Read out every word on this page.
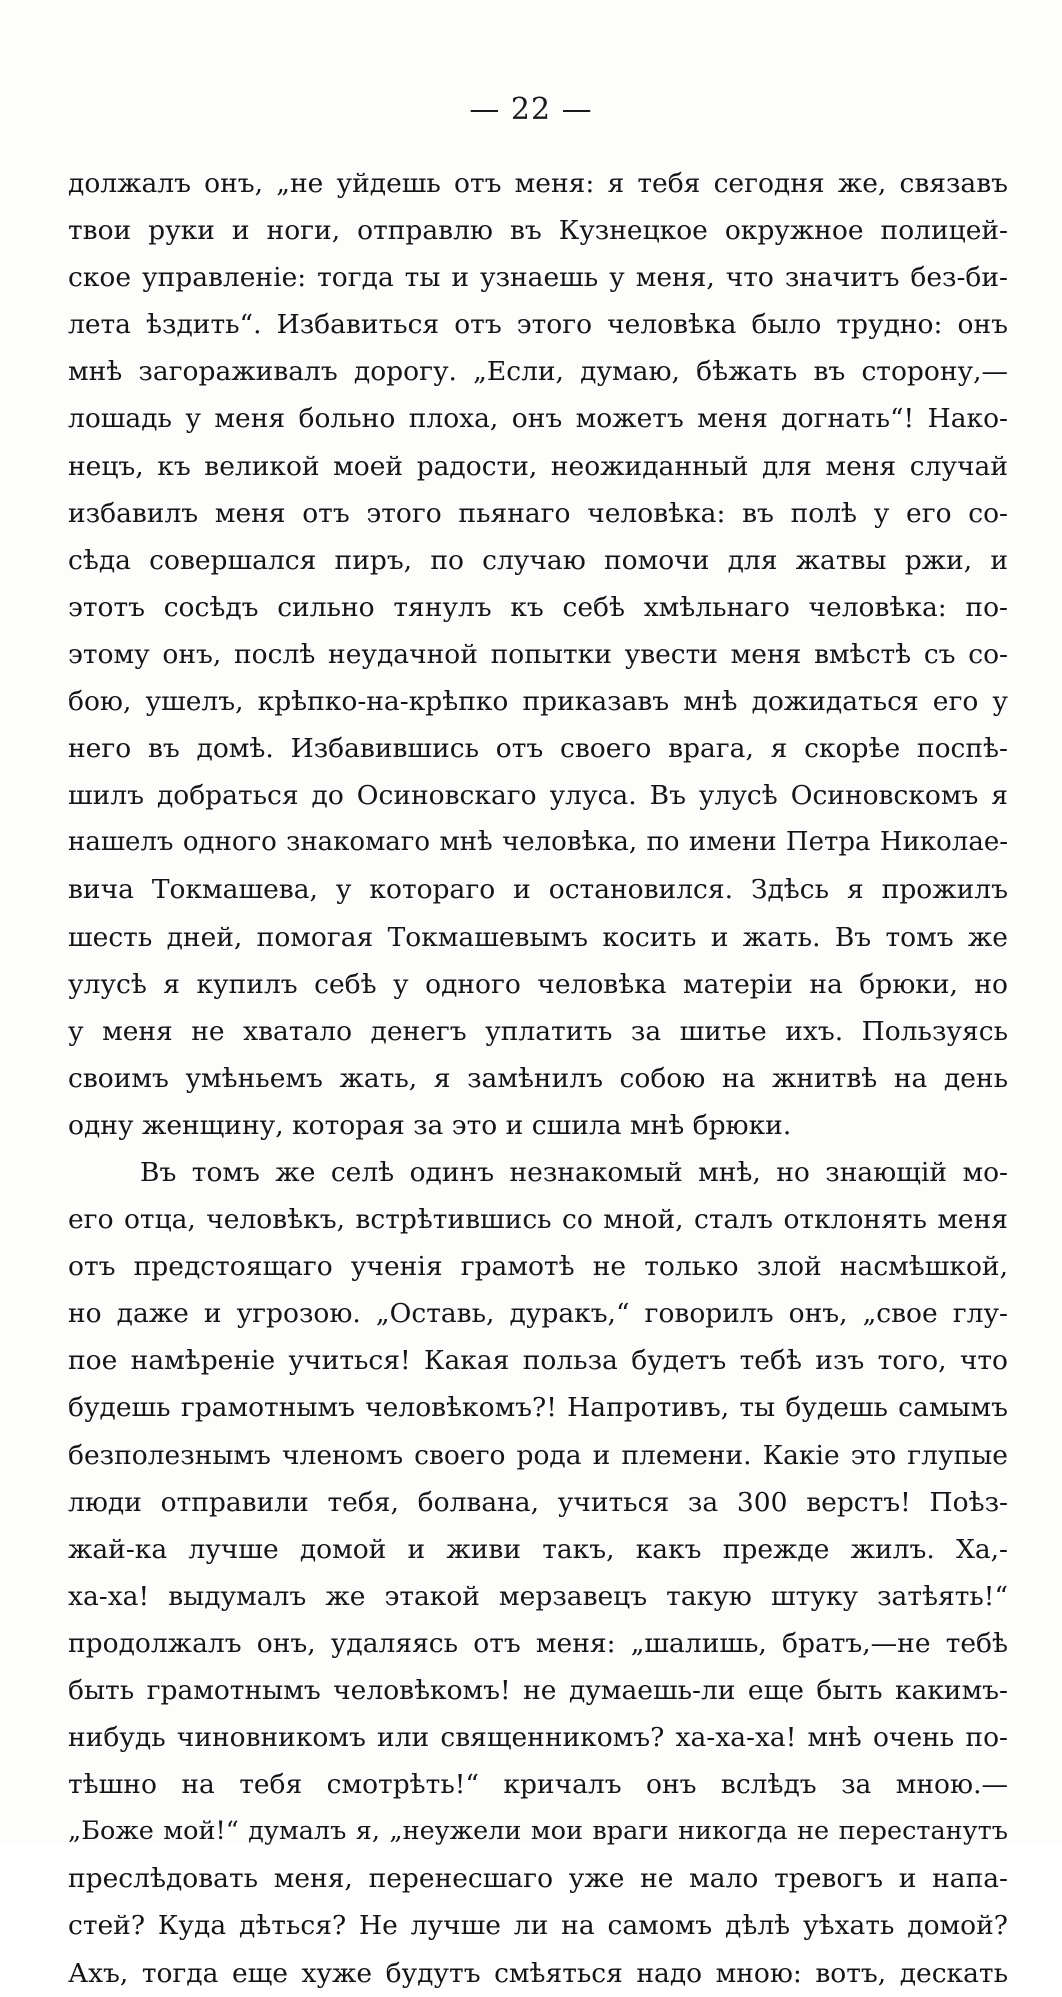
— 22 —
должалъ онъ, „не уйдешь отъ меня: я тебя сегодня же, связавъ
твои руки и ноги, отправлю въ Кузнецкое окружное полицей-
ское управленіе: тогда ты и узнаешь у меня, что значитъ без-би-
лета ѣздить“. Избавиться отъ этого человѣка было трудно: онъ
мнѣ загораживалъ дорогу. „Если, думаю, бѣжать въ сторону,—
лошадь у меня больно плоха, онъ можетъ меня догнать“! Нако-
нецъ, къ великой моей радости, неожиданный для меня случай
избавилъ меня отъ этого пьянаго человѣка: въ полѣ у его со-
сѣда совершался пиръ, по случаю помочи для жатвы ржи, и
этотъ сосѣдъ сильно тянулъ къ себѣ хмѣльнаго человѣка: по-
этому онъ, послѣ неудачной попытки увести меня вмѣстѣ съ со-
бою, ушелъ, крѣпко-на-крѣпко приказавъ мнѣ дожидаться его у
него въ домѣ. Избавившись отъ своего врага, я скорѣе поспѣ-
шилъ добраться до Осиновскаго улуса. Въ улусѣ Осиновскомъ я
нашелъ одного знакомаго мнѣ человѣка, по имени Петра Николае-
вича Токмашева, у котораго и остановился. Здѣсь я прожилъ
шесть дней, помогая Токмашевымъ косить и жать. Въ томъ же
улусѣ я купилъ себѣ у одного человѣка матеріи на брюки, но
у меня не хватало денегъ уплатить за шитье ихъ. Пользуясь
своимъ умѣньемъ жать, я замѣнилъ собою на жнитвѣ на день
одну женщину, которая за это и сшила мнѣ брюки.
Въ томъ же селѣ одинъ незнакомый мнѣ, но знающій мо-
его отца, человѣкъ, встрѣтившись со мной, сталъ отклонять меня
отъ предстоящаго ученія грамотѣ не только злой насмѣшкой,
но даже и угрозою. „Оставь, дуракъ,“ говорилъ онъ, „свое глу-
пое намѣреніе учиться! Какая польза будетъ тебѣ изъ того, что
будешь грамотнымъ человѣкомъ?! Напротивъ, ты будешь самымъ
безполезнымъ членомъ своего рода и племени. Какіе это глупые
люди отправили тебя, болвана, учиться за 300 верстъ! Поѣз-
жай-ка лучше домой и живи такъ, какъ прежде жилъ. Ха,-
ха-ха! выдумалъ же этакой мерзавецъ такую штуку затѣять!“
продолжалъ онъ, удаляясь отъ меня: „шалишь, братъ,—не тебѣ
быть грамотнымъ человѣкомъ! не думаешь-ли еще быть какимъ-
нибудь чиновникомъ или священникомъ? ха-ха-ха! мнѣ очень по-
тѣшно на тебя смотрѣть!“ кричалъ онъ вслѣдъ за мною.—
„Боже мой!“ думалъ я, „неужели мои враги никогда не перестанутъ
преслѣдовать меня, перенесшаго уже не мало тревогъ и напа-
стей? Куда дѣться? Не лучше ли на самомъ дѣлѣ уѣхать домой?
Ахъ, тогда еще хуже будутъ смѣяться надо мною: вотъ, дескать
